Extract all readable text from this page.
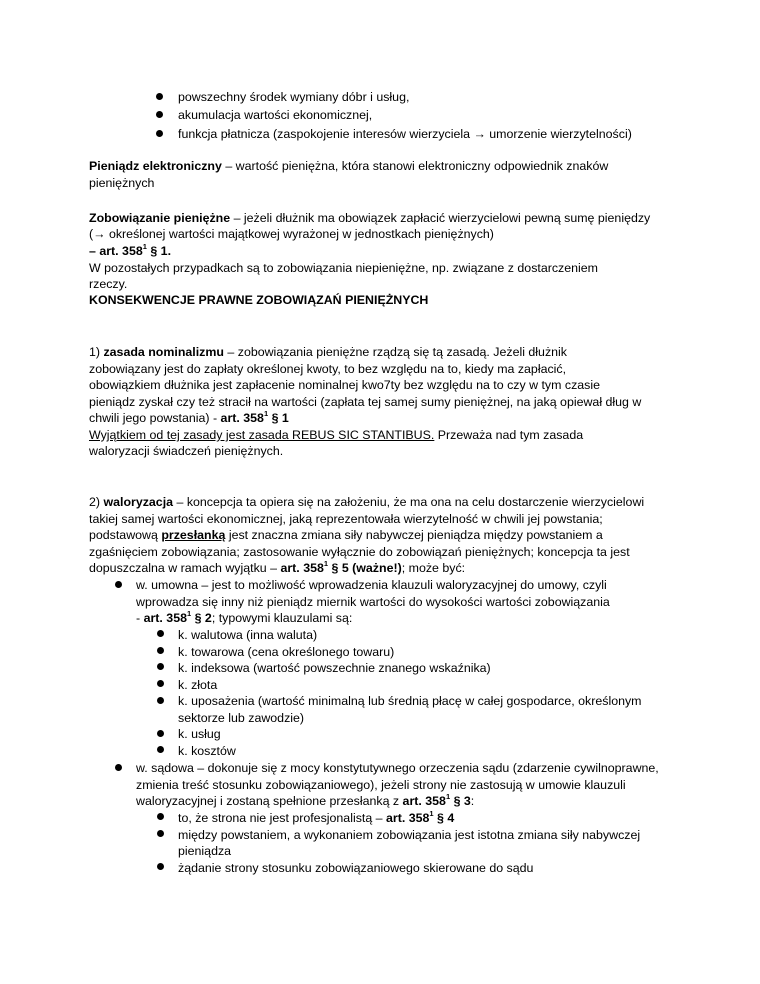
powszechny środek wymiany dóbr i usług,
akumulacja wartości ekonomicznej,
funkcja płatnicza (zaspokojenie interesów wierzyciela → umorzenie wierzytelności)
Pieniądz elektroniczny – wartość pieniężna, która stanowi elektroniczny odpowiednik znaków
pieniężnych
Zobowiązanie pieniężne – jeżeli dłużnik ma obowiązek zapłacić wierzycielowi pewną sumę pieniędzy
(→ określonej wartości majątkowej wyrażonej w jednostkach pieniężnych)
– art. $358^1$ § 1.
W pozostałych przypadkach są to zobowiązania niepieniężne, np. związane z dostarczeniem
rzeczy.
KONSEKWENCJE PRAWNE ZOBOWIĄZAŃ PIENIĘŻNYCH
1) zasada nominalizmu – zobowiązania pieniężne rządzą się tą zasadą. Jeżeli dłużnik
zobowiązany jest do zapłaty określonej kwoty, to bez względu na to, kiedy ma zapłacić,
obowiązkiem dłużnika jest zapłacenie nominalnej kwo7ty bez względu na to czy w tym czasie
pieniądz zyskał czy też stracił na wartości (zapłata tej samej sumy pieniężnej, na jaką opiewał dług w
chwili jego powstania) - art. $358^1$ § 1
Wyjątkiem od tej zasady jest zasada REBUS SIC STANTIBUS. Przeważa nad tym zasada
waloryzacji świadczeń pieniężnych.
2) waloryzacja – koncepcja ta opiera się na założeniu, że ma ona na celu dostarczenie wierzycielowi
takiej samej wartości ekonomicznej, jaką reprezentowała wierzytelność w chwili jej powstania;
podstawową przesłanką jest znaczna zmiana siły nabywczej pieniądza między powstaniem a
zgaśnięciem zobowiązania; zastosowanie wyłącznie do zobowiązań pieniężnych; koncepcja ta jest
dopuszczalna w ramach wyjątku – art. $358^1$ § 5 (ważne!); może być:
w. umowna – jest to możliwość wprowadzenia klauzuli waloryzacyjnej do umowy, czyli
wprowadza się inny niż pieniądz miernik wartości do wysokości wartości zobowiązania
- art. $358^1$ § 2; typowymi klauzulami są:
k. walutowa (inna waluta)
k. towarowa (cena określonego towaru)
k. indeksowa (wartość powszechnie znanego wskaźnika)
k. złota
k. uposażenia (wartość minimalną lub średnią płacę w całej gospodarce, określonym
sektorze lub zawodzie)
k. usług
k. kosztów
w. sądowa – dokonuje się z mocy konstytutywnego orzeczenia sądu (zdarzenie cywilnoprawne,
zmienia treść stosunku zobowiązaniowego), jeżeli strony nie zastosują w umowie klauzuli
waloryzacyjnej i zostaną spełnione przesłanką z art. $358^1$ § 3:
to, że strona nie jest profesjonalistą – art. $358^1$ § 4
między powstaniem, a wykonaniem zobowiązania jest istotna zmiana siły nabywczej
pieniądza
żądanie strony stosunku zobowiązaniowego skierowane do sądu
